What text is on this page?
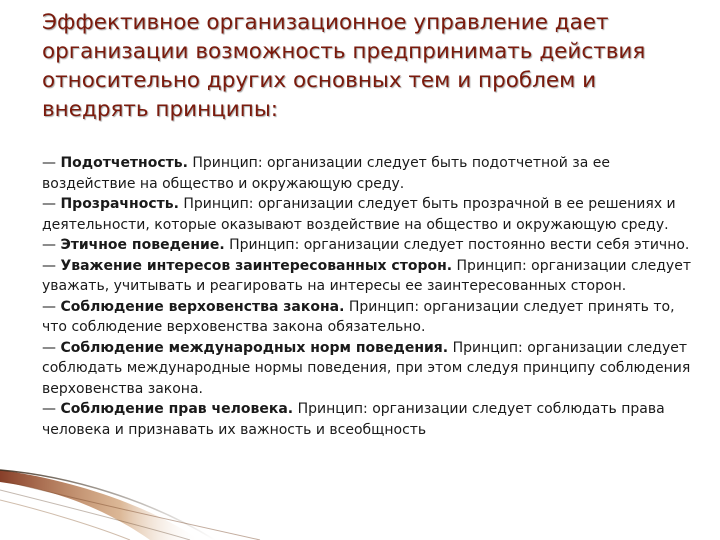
Эффективное организационное управление дает организации возможность предпринимать действия относительно других основных тем и проблем и внедрять принципы:

— Подотчетность. Принцип: организации следует быть подотчетной за ее воздействие на общество и окружающую среду.

— Прозрачность. Принцип: организации следует быть прозрачной в ее решениях и деятельности, которые оказывают воздействие на общество и окружающую среду.

— Этичное поведение. Принцип: организации следует постоянно вести себя этично.

— Уважение интересов заинтересованных сторон. Принцип: организации следует уважать, учитывать и реагировать на интересы ее заинтересованных сторон.

— Соблюдение верховенства закона. Принцип: организации следует принять то, что соблюдение верховенства закона обязательно.

— Соблюдение международных норм поведения. Принцип: организации следует соблюдать международные нормы поведения, при этом следуя принципу соблюдения верховенства закона.

— Соблюдение прав человека. Принцип: организации следует соблюдать права человека и признавать их важность и всеобщность
